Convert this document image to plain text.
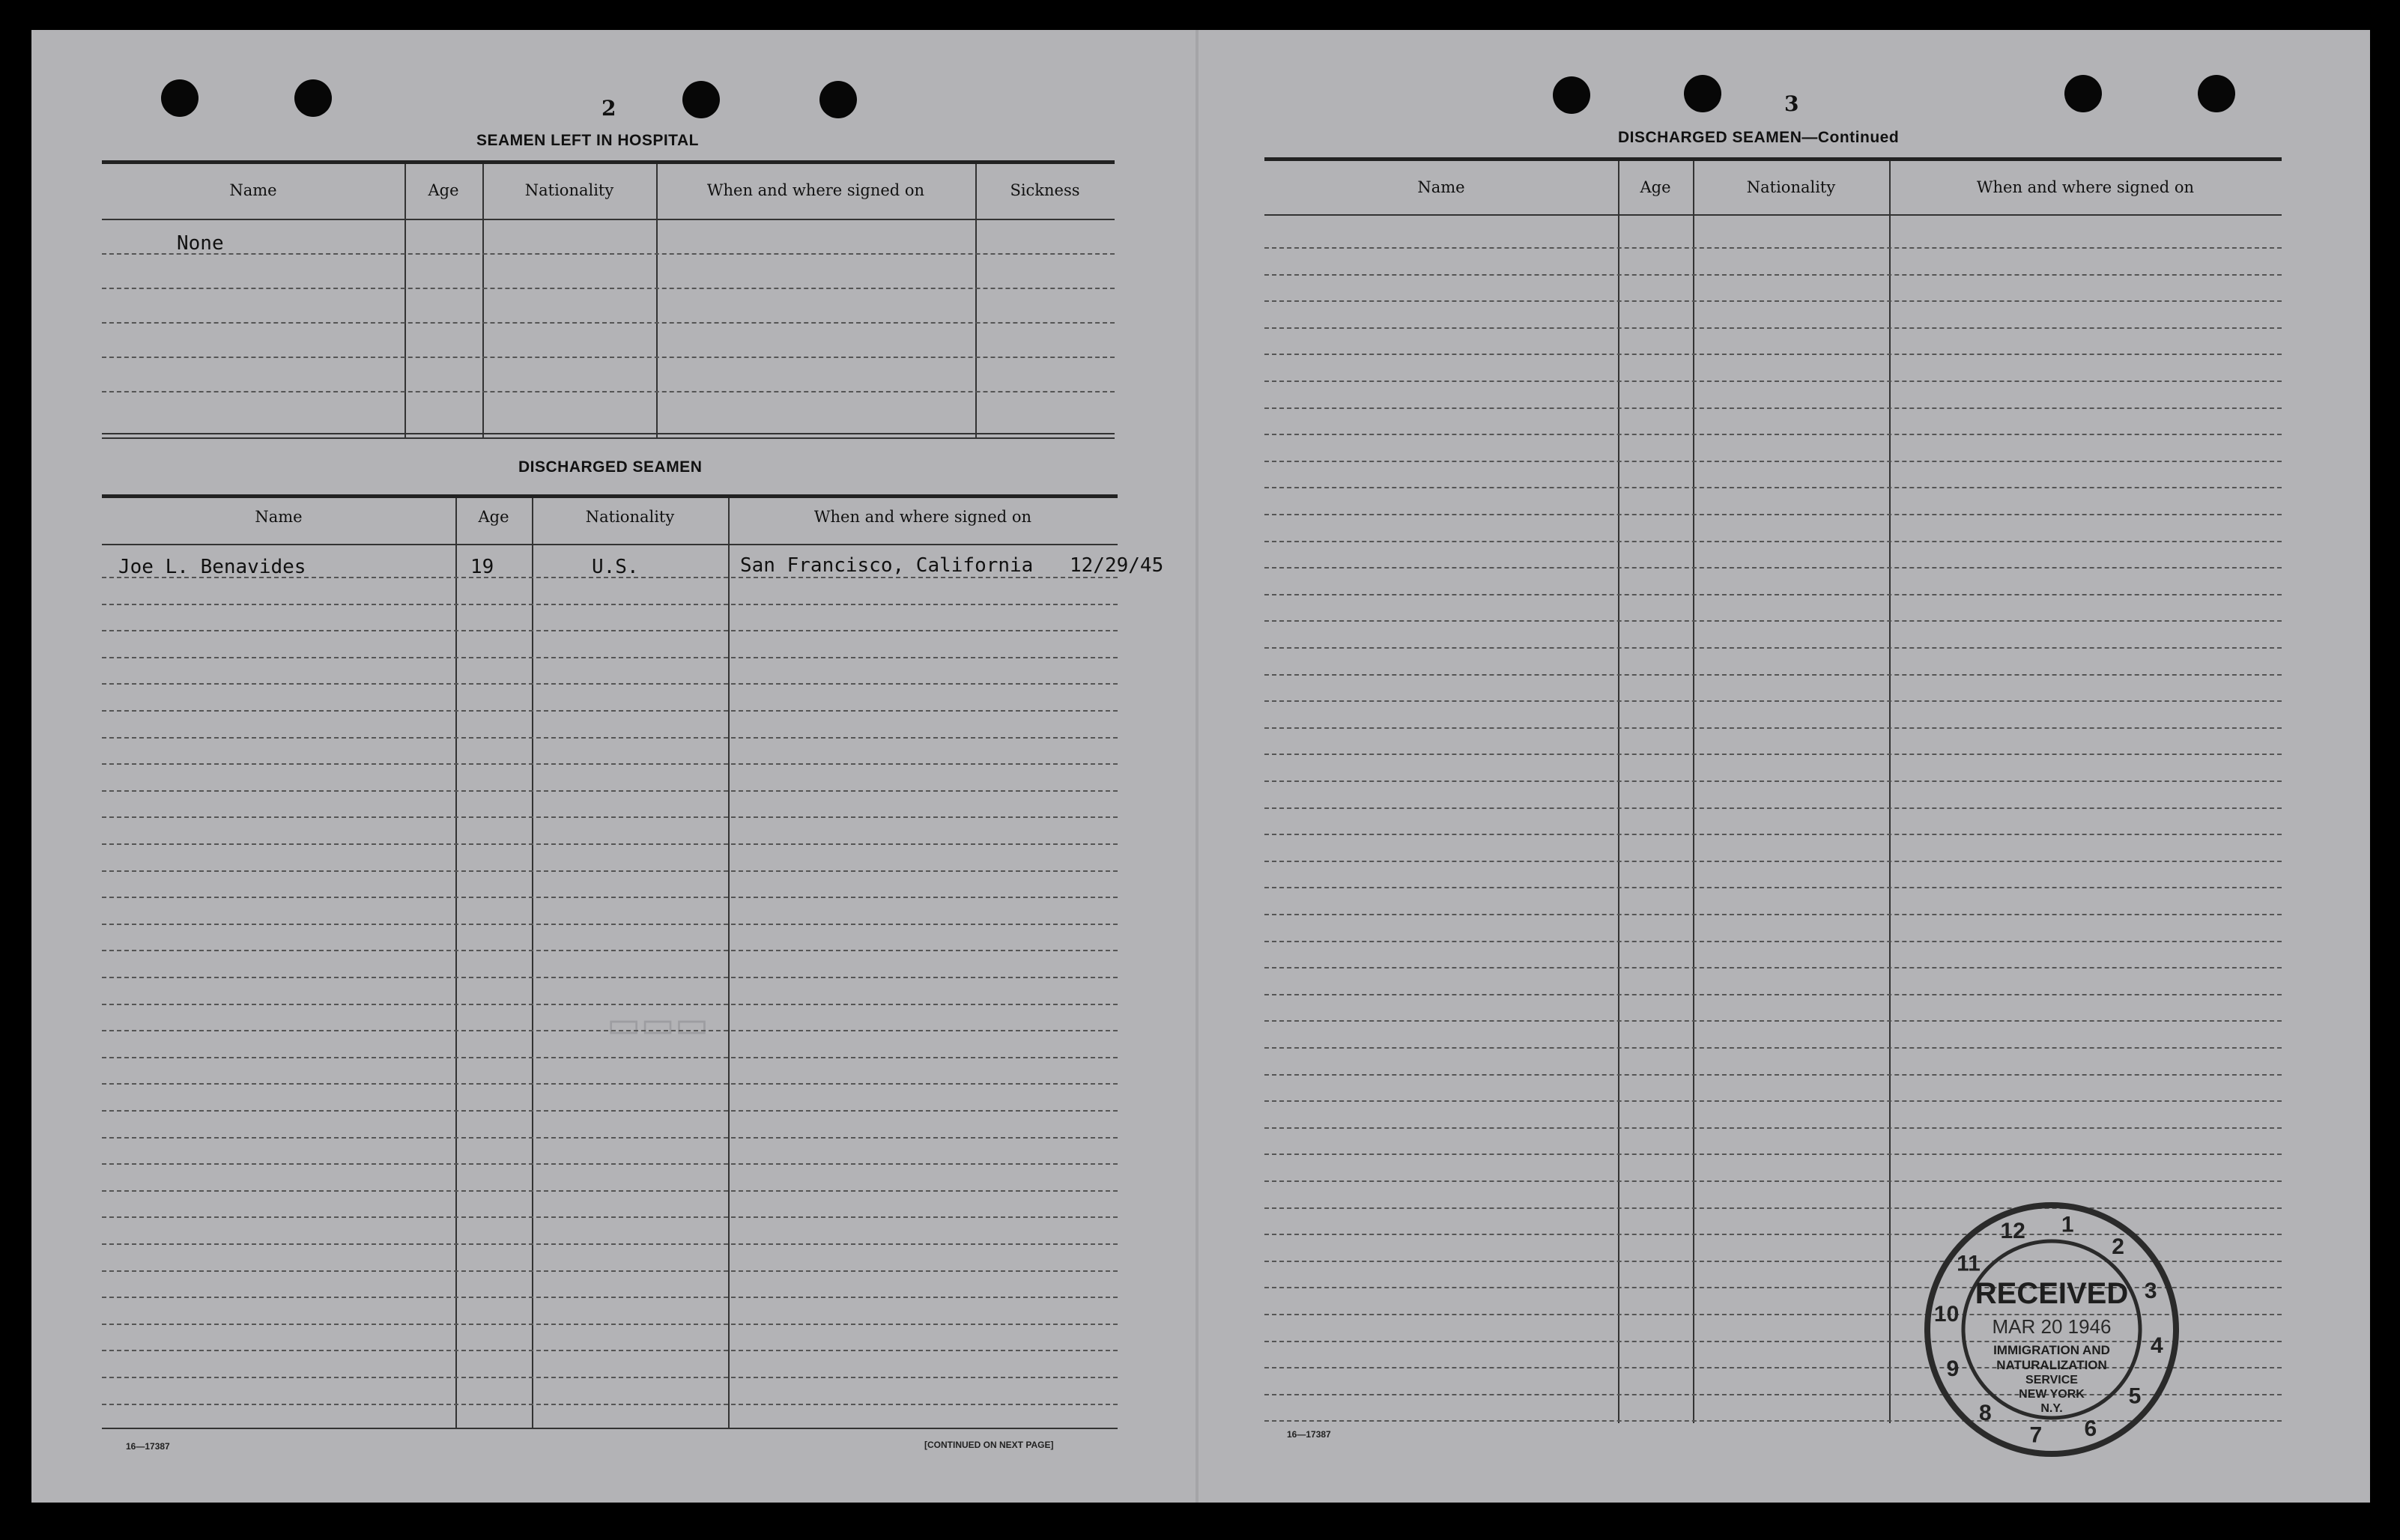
▭▭▭
2
SEAMEN LEFT IN HOSPITAL
Name	Age	Nationality	When and where signed on	Sickness
None
DISCHARGED SEAMEN
Name	Age	Nationality	When and where signed on
Joe L. Benavides	19	U.S.	San Francisco, California 12/29/45
16—17387	[CONTINUED ON NEXT PAGE]
3
DISCHARGED SEAMEN—Continued
Name	Age	Nationality	When and where signed on
16—17387
1
2
3
4
5
6
7
8
9
10
11
12
RECEIVED
MAR 20 1946
IMMIGRATION AND
NATURALIZATION
SERVICE
NEW YORK
N.Y.
